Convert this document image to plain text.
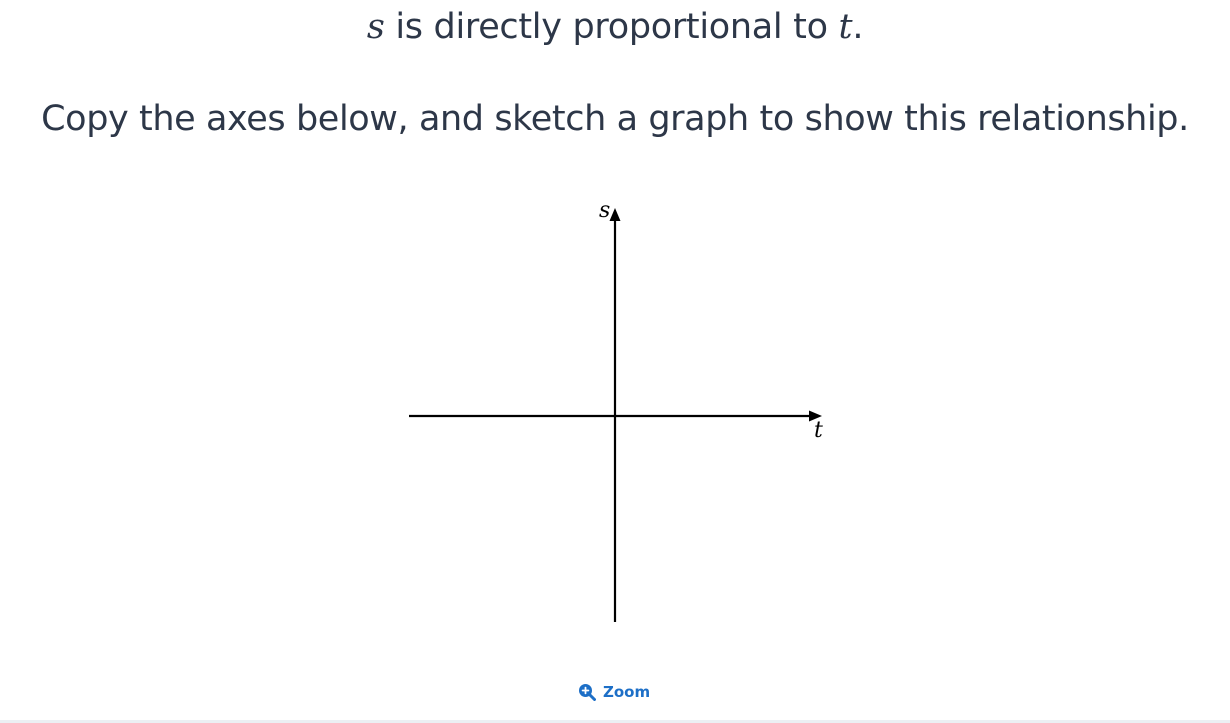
s is directly proportional to t.
Copy the axes below, and sketch a graph to show this relationship.
s
t
Zoom
